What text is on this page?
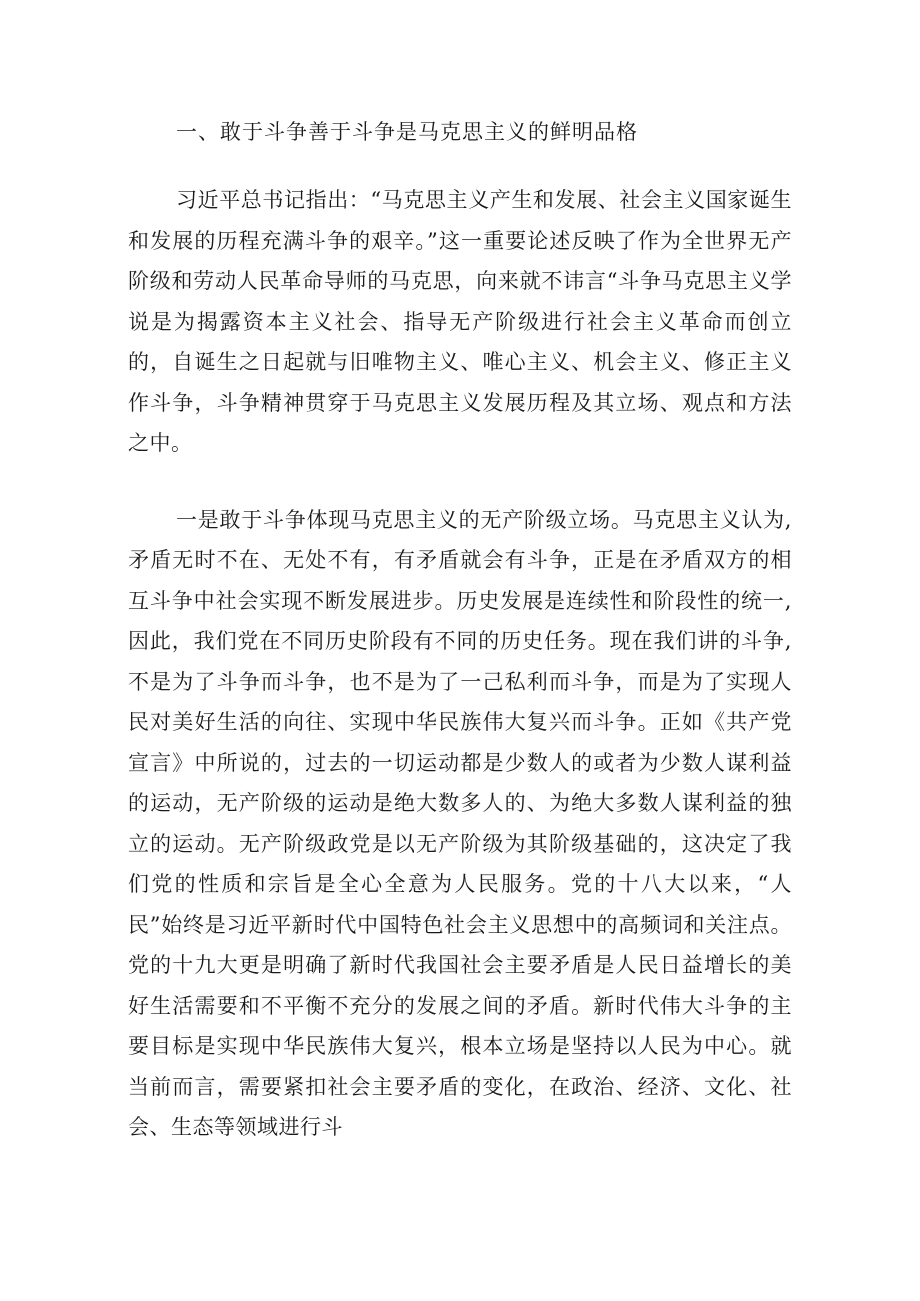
一、敢于斗争善于斗争是马克思主义的鲜明品格

习近平总书记指出：“马克思主义产生和发展、社会主义国家诞生和发展的历程充满斗争的艰辛。”这一重要论述反映了作为全世界无产阶级和劳动人民革命导师的马克思，向来就不讳言“斗争马克思主义学说是为揭露资本主义社会、指导无产阶级进行社会主义革命而创立的，自诞生之日起就与旧唯物主义、唯心主义、机会主义、修正主义作斗争，斗争精神贯穿于马克思主义发展历程及其立场、观点和方法之中。

一是敢于斗争体现马克思主义的无产阶级立场。马克思主义认为,矛盾无时不在、无处不有，有矛盾就会有斗争，正是在矛盾双方的相互斗争中社会实现不断发展进步。历史发展是连续性和阶段性的统一,因此，我们党在不同历史阶段有不同的历史任务。现在我们讲的斗争,不是为了斗争而斗争，也不是为了一己私利而斗争，而是为了实现人民对美好生活的向往、实现中华民族伟大复兴而斗争。正如《共产党宣言》中所说的，过去的一切运动都是少数人的或者为少数人谋利益的运动，无产阶级的运动是绝大数多人的、为绝大多数人谋利益的独立的运动。无产阶级政党是以无产阶级为其阶级基础的，这决定了我们党的性质和宗旨是全心全意为人民服务。党的十八大以来，“人民”始终是习近平新时代中国特色社会主义思想中的高频词和关注点。党的十九大更是明确了新时代我国社会主要矛盾是人民日益增长的美好生活需要和不平衡不充分的发展之间的矛盾。新时代伟大斗争的主要目标是实现中华民族伟大复兴，根本立场是坚持以人民为中心。就当前而言，需要紧扣社会主要矛盾的变化，在政治、经济、文化、社会、生态等领域进行斗
